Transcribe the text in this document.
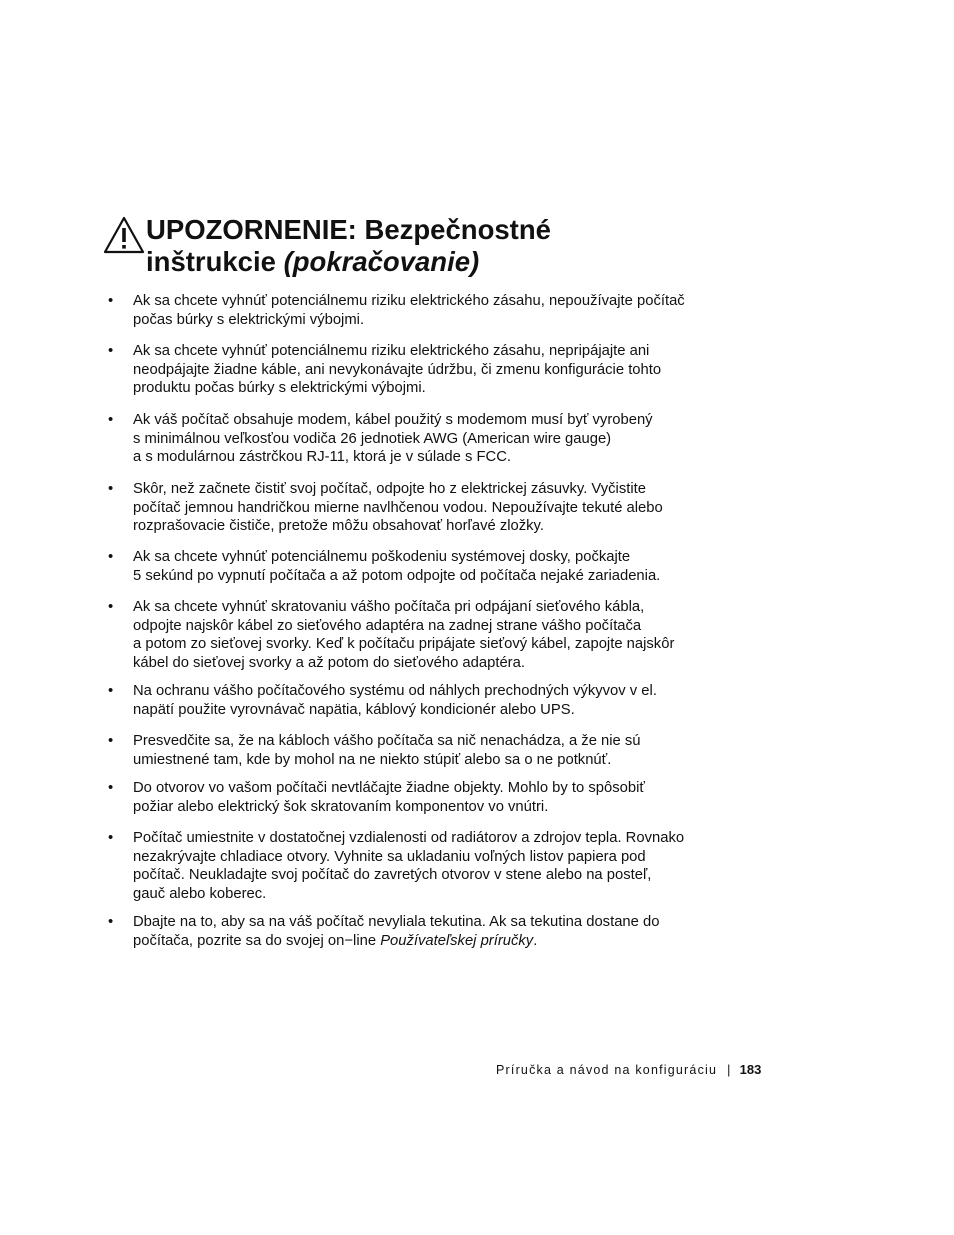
UPOZORNENIE: Bezpečnostné
inštrukcie (pokračovanie)
• Ak sa chcete vyhnúť potenciálnemu riziku elektrického zásahu, nepoužívajte počítač
počas búrky s elektrickými výbojmi.
• Ak sa chcete vyhnúť potenciálnemu riziku elektrického zásahu, nepripájajte ani
neodpájajte žiadne káble, ani nevykonávajte údržbu, či zmenu konfigurácie tohto
produktu počas búrky s elektrickými výbojmi.
• Ak váš počítač obsahuje modem, kábel použitý s modemom musí byť vyrobený
s minimálnou veľkosťou vodiča 26 jednotiek AWG (American wire gauge)
a s modulárnou zástrčkou RJ-11, ktorá je v súlade s FCC.
• Skôr, než začnete čistiť svoj počítač, odpojte ho z elektrickej zásuvky. Vyčistite
počítač jemnou handričkou mierne navlhčenou vodou. Nepoužívajte tekuté alebo
rozprašovacie čističe, pretože môžu obsahovať horľavé zložky.
• Ak sa chcete vyhnúť potenciálnemu poškodeniu systémovej dosky, počkajte
5 sekúnd po vypnutí počítača a až potom odpojte od počítača nejaké zariadenia.
• Ak sa chcete vyhnúť skratovaniu vášho počítača pri odpájaní sieťového kábla,
odpojte najskôr kábel zo sieťového adaptéra na zadnej strane vášho počítača
a potom zo sieťovej svorky. Keď k počítaču pripájate sieťový kábel, zapojte najskôr
kábel do sieťovej svorky a až potom do sieťového adaptéra.
• Na ochranu vášho počítačového systému od náhlych prechodných výkyvov v el.
napätí použite vyrovnávač napätia, káblový kondicionér alebo UPS.
• Presvedčite sa, že na kábloch vášho počítača sa nič nenachádza, a že nie sú
umiestnené tam, kde by mohol na ne niekto stúpiť alebo sa o ne potknúť.
• Do otvorov vo vašom počítači nevtláčajte žiadne objekty. Mohlo by to spôsobiť
požiar alebo elektrický šok skratovaním komponentov vo vnútri.
• Počítač umiestnite v dostatočnej vzdialenosti od radiátorov a zdrojov tepla. Rovnako
nezakrývajte chladiace otvory. Vyhnite sa ukladaniu voľných listov papiera pod
počítač. Neukladajte svoj počítač do zavretých otvorov v stene alebo na posteľ,
gauč alebo koberec.
• Dbajte na to, aby sa na váš počítač nevyliala tekutina. Ak sa tekutina dostane do
počítača, pozrite sa do svojej on−line Používateľskej príručky.
Príručka a návod na konfiguráciu | 183
